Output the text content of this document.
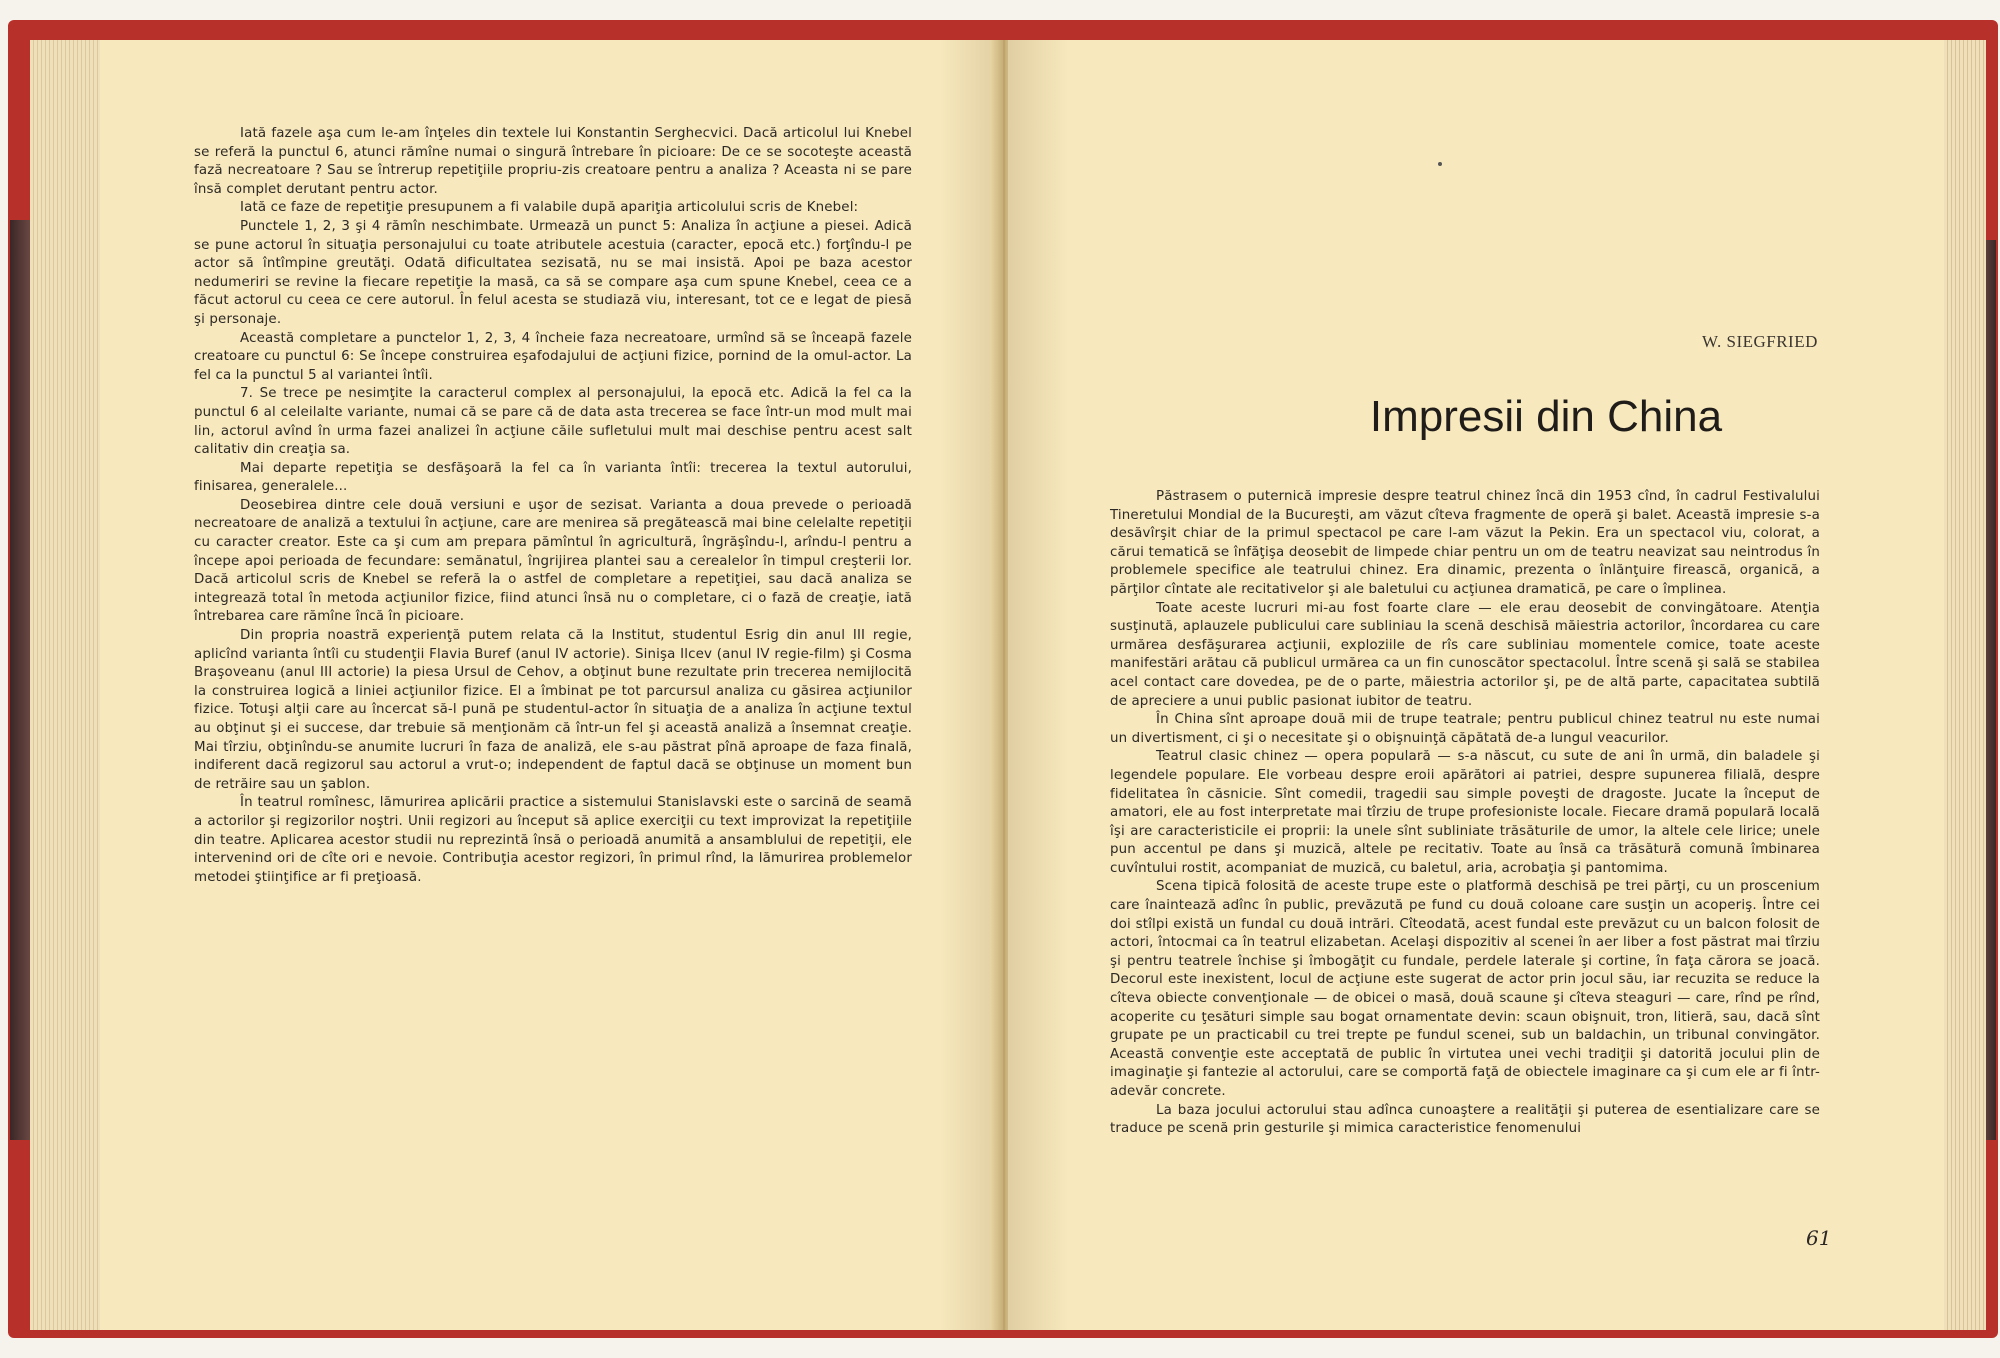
Iată fazele aşa cum le-am înţeles din textele lui Konstantin Serghecvici. Dacă articolul lui Knebel se referă la punctul 6, atunci rămîne numai o singură întrebare în picioare: De ce se socoteşte această fază necreatoare ? Sau se întrerup repetiţiile propriu-zis creatoare pentru a analiza ? Aceasta ni se pare însă complet derutant pentru actor.

Iată ce faze de repetiţie presupunem a fi valabile după apariţia articolului scris de Knebel:

Punctele 1, 2, 3 şi 4 rămîn neschimbate. Urmează un punct 5: Analiza în acţiune a piesei. Adică se pune actorul în situaţia personajului cu toate atributele acestuia (caracter, epocă etc.) forţîndu-l pe actor să întîmpine greutăţi. Odată dificultatea sezisată, nu se mai insistă. Apoi pe baza acestor nedumeriri se revine la fiecare repetiţie la masă, ca să se compare aşa cum spune Knebel, ceea ce a făcut actorul cu ceea ce cere autorul. În felul acesta se studiază viu, interesant, tot ce e legat de piesă şi personaje.

Această completare a punctelor 1, 2, 3, 4 încheie faza necreatoare, urmînd să se înceapă fazele creatoare cu punctul 6: Se începe construirea eşafodajului de acţiuni fizice, pornind de la omul-actor. La fel ca la punctul 5 al variantei întîi.

7. Se trece pe nesimţite la caracterul complex al personajului, la epocă etc. Adică la fel ca la punctul 6 al celeilalte variante, numai că se pare că de data asta trecerea se face într-un mod mult mai lin, actorul avînd în urma fazei analizei în acţiune căile sufletului mult mai deschise pentru acest salt calitativ din creaţia sa.

Mai departe repetiţia se desfăşoară la fel ca în varianta întîi: trecerea la textul autorului, finisarea, generalele...

Deosebirea dintre cele două versiuni e uşor de sezisat. Varianta a doua prevede o perioadă necreatoare de analiză a textului în acţiune, care are menirea să pregătească mai bine celelalte repetiţii cu caracter creator. Este ca şi cum am prepara pămîntul în agricultură, îngrăşîndu-l, arîndu-l pentru a începe apoi perioada de fecundare: semănatul, îngrijirea plantei sau a cerealelor în timpul creşterii lor. Dacă articolul scris de Knebel se referă la o astfel de completare a repetiţiei, sau dacă analiza se integrează total în metoda acţiunilor fizice, fiind atunci însă nu o completare, ci o fază de creaţie, iată întrebarea care rămîne încă în picioare.

Din propria noastră experienţă putem relata că la Institut, studentul Esrig din anul III regie, aplicînd varianta întîi cu studenţii Flavia Buref (anul IV actorie). Sinişa Ilcev (anul IV regie-film) şi Cosma Braşoveanu (anul III actorie) la piesa Ursul de Cehov, a obţinut bune rezultate prin trecerea nemijlocită la construirea logică a liniei acţiunilor fizice. El a îmbinat pe tot parcursul analiza cu găsirea acţiunilor fizice. Totuşi alţii care au încercat să-l pună pe studentul-actor în situaţia de a analiza în acţiune textul au obţinut şi ei succese, dar trebuie să menţionăm că într-un fel şi această analiză a însemnat creaţie. Mai tîrziu, obţinîndu-se anumite lucruri în faza de analiză, ele s-au păstrat pînă aproape de faza finală, indiferent dacă regizorul sau actorul a vrut-o; independent de faptul dacă se obţinuse un moment bun de retrăire sau un şablon.

În teatrul romînesc, lămurirea aplicării practice a sistemului Stanislavski este o sarcină de seamă a actorilor şi regizorilor noştri. Unii regizori au început să aplice exerciţii cu text improvizat la repetiţiile din teatre. Aplicarea acestor studii nu reprezintă însă o perioadă anumită a ansamblului de repetiţii, ele intervenind ori de cîte ori e nevoie. Contribuţia acestor regizori, în primul rînd, la lămurirea problemelor metodei ştiinţifice ar fi preţioasă.

W. SIEGFRIED
Impresii din China

Păstrasem o puternică impresie despre teatrul chinez încă din 1953 cînd, în cadrul Festivalului Tineretului Mondial de la Bucureşti, am văzut cîteva fragmente de operă şi balet. Această impresie s-a desăvîrşit chiar de la primul spectacol pe care l-am văzut la Pekin. Era un spectacol viu, colorat, a cărui tematică se înfăţişa deosebit de limpede chiar pentru un om de teatru neavizat sau neintrodus în problemele specifice ale teatrului chinez. Era dinamic, prezenta o înlănţuire firească, organică, a părţilor cîntate ale recitativelor şi ale baletului cu acţiunea dramatică, pe care o împlinea.

Toate aceste lucruri mi-au fost foarte clare — ele erau deosebit de convingătoare. Atenţia susţinută, aplauzele publicului care subliniau la scenă deschisă măiestria actorilor, încordarea cu care urmărea desfăşurarea acţiunii, exploziile de rîs care subliniau momentele comice, toate aceste manifestări arătau că publicul urmărea ca un fin cunoscător spectacolul. Între scenă şi sală se stabilea acel contact care dovedea, pe de o parte, măiestria actorilor şi, pe de altă parte, capacitatea subtilă de apreciere a unui public pasionat iubitor de teatru.

În China sînt aproape două mii de trupe teatrale; pentru publicul chinez teatrul nu este numai un divertisment, ci şi o necesitate şi o obişnuinţă căpătată de-a lungul veacurilor.

Teatrul clasic chinez — opera populară — s-a născut, cu sute de ani în urmă, din baladele şi legendele populare. Ele vorbeau despre eroii apărători ai patriei, despre supunerea filială, despre fidelitatea în căsnicie. Sînt comedii, tragedii sau simple poveşti de dragoste. Jucate la început de amatori, ele au fost interpretate mai tîrziu de trupe profesioniste locale. Fiecare dramă populară locală îşi are caracteristicile ei proprii: la unele sînt subliniate trăsăturile de umor, la altele cele lirice; unele pun accentul pe dans şi muzică, altele pe recitativ. Toate au însă ca trăsătură comună îmbinarea cuvîntului rostit, acompaniat de muzică, cu baletul, aria, acrobaţia şi pantomima.

Scena tipică folosită de aceste trupe este o platformă deschisă pe trei părţi, cu un proscenium care înaintează adînc în public, prevăzută pe fund cu două coloane care susţin un acoperiş. Între cei doi stîlpi există un fundal cu două intrări. Cîteodată, acest fundal este prevăzut cu un balcon folosit de actori, întocmai ca în teatrul elizabetan. Acelaşi dispozitiv al scenei în aer liber a fost păstrat mai tîrziu şi pentru teatrele închise şi îmbogăţit cu fundale, perdele laterale şi cortine, în faţa cărora se joacă. Decorul este inexistent, locul de acţiune este sugerat de actor prin jocul său, iar recuzita se reduce la cîteva obiecte convenţionale — de obicei o masă, două scaune şi cîteva steaguri — care, rînd pe rînd, acoperite cu ţesături simple sau bogat ornamentate devin: scaun obişnuit, tron, litieră, sau, dacă sînt grupate pe un practicabil cu trei trepte pe fundul scenei, sub un baldachin, un tribunal convingător. Această convenţie este acceptată de public în virtutea unei vechi tradiţii şi datorită jocului plin de imaginaţie şi fantezie al actorului, care se comportă faţă de obiectele imaginare ca şi cum ele ar fi într-adevăr concrete.

La baza jocului actorului stau adînca cunoaştere a realităţii şi puterea de esentializare care se traduce pe scenă prin gesturile şi mimica caracteristice fenomenului

61
